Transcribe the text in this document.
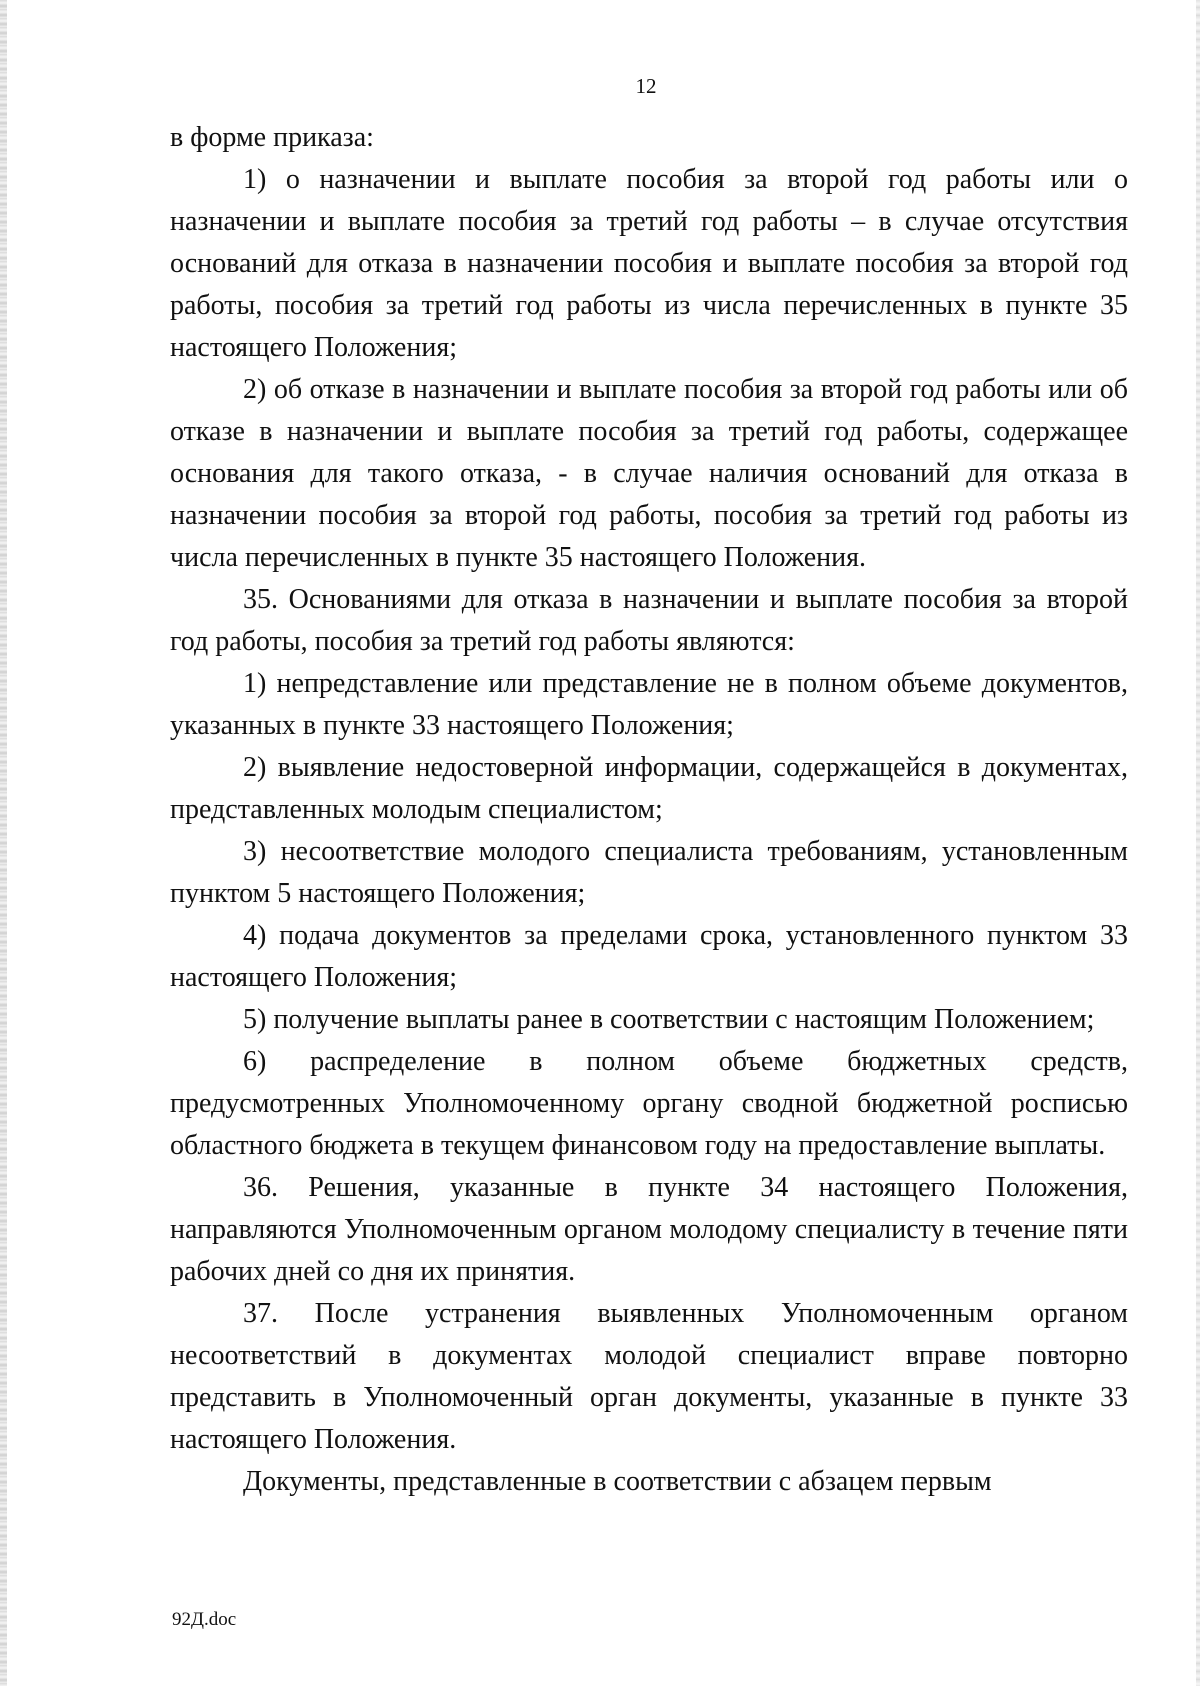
12

в форме приказа:

1) о назначении и выплате пособия за второй год работы или о назначении и выплате пособия за третий год работы – в случае отсутствия оснований для отказа в назначении пособия и выплате пособия за второй год работы, пособия за третий год работы из числа перечисленных в пункте 35 настоящего Положения;

2) об отказе в назначении и выплате пособия за второй год работы или об отказе в назначении и выплате пособия за третий год работы, содержащее основания для такого отказа, - в случае наличия оснований для отказа в назначении пособия за второй год работы, пособия за третий год работы из числа перечисленных в пункте 35 настоящего Положения.

35. Основаниями для отказа в назначении и выплате пособия за второй год работы, пособия за третий год работы являются:

1) непредставление или представление не в полном объеме документов, указанных в пункте 33 настоящего Положения;

2) выявление недостоверной информации, содержащейся в документах, представленных молодым специалистом;

3) несоответствие молодого специалиста требованиям, установленным пунктом 5 настоящего Положения;

4) подача документов за пределами срока, установленного пунктом 33 настоящего Положения;

5) получение выплаты ранее в соответствии с настоящим Положением;

6) распределение в полном объеме бюджетных средств, предусмотренных Уполномоченному органу сводной бюджетной росписью областного бюджета в текущем финансовом году на предоставление выплаты.

36. Решения, указанные в пункте 34 настоящего Положения, направляются Уполномоченным органом молодому специалисту в течение пяти рабочих дней со дня их принятия.

37. После устранения выявленных Уполномоченным органом несоответствий в документах молодой специалист вправе повторно представить в Уполномоченный орган документы, указанные в пункте 33 настоящего Положения.

Документы, представленные в соответствии с абзацем первым

92Д.doc
